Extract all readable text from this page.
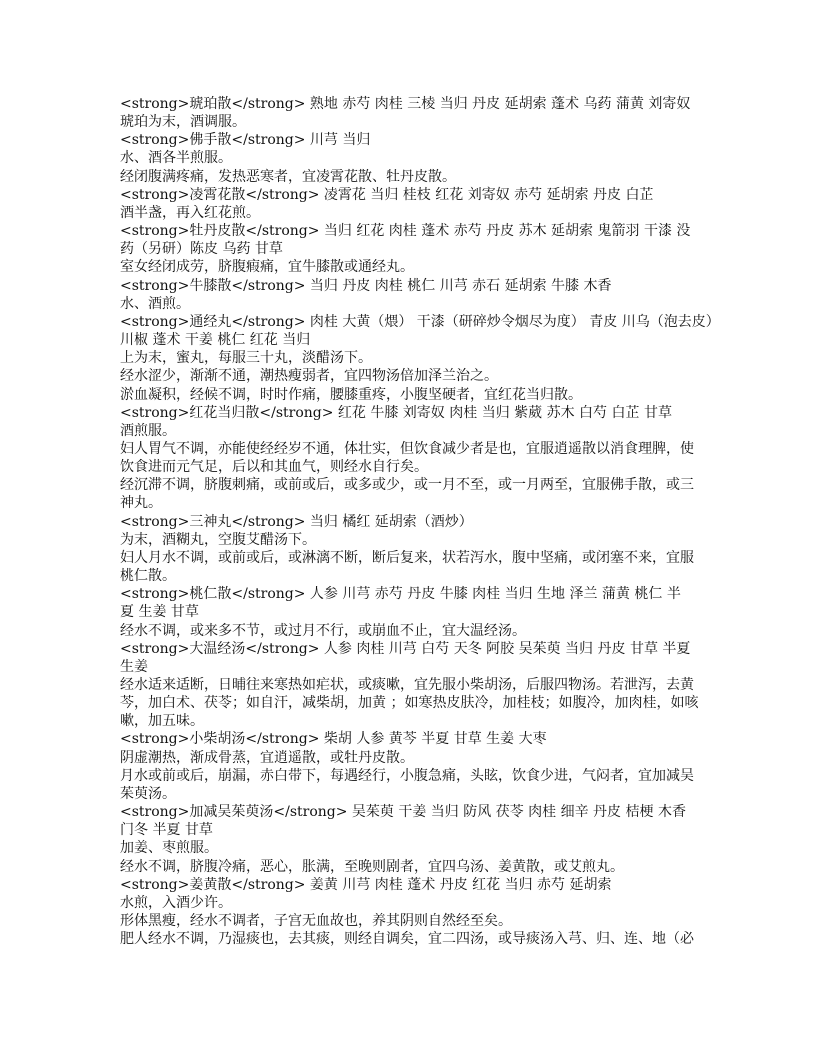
<strong>琥珀散</strong> 熟地 赤芍 肉桂 三棱 当归 丹皮 延胡索 蓬术 乌药 蒲黄 刘寄奴
琥珀为末，酒调服。
<strong>佛手散</strong> 川芎 当归
水、酒各半煎服。
经闭腹满疼痛，发热恶寒者，宜凌霄花散、牡丹皮散。
<strong>凌霄花散</strong> 凌霄花 当归 桂枝 红花 刘寄奴 赤芍 延胡索 丹皮 白芷
酒半盏，再入红花煎。
<strong>牡丹皮散</strong> 当归 红花 肉桂 蓬术 赤芍 丹皮 苏木 延胡索 鬼箭羽 干漆 没
药（另研）陈皮 乌药 甘草
室女经闭成劳，脐腹瘕痛，宜牛膝散或通经丸。
<strong>牛膝散</strong> 当归 丹皮 肉桂 桃仁 川芎 赤石 延胡索 牛膝 木香
水、酒煎。
<strong>通经丸</strong> 肉桂 大黄（煨） 干漆（研碎炒令烟尽为度） 青皮 川乌（泡去皮）
川椒 蓬术 干姜 桃仁 红花 当归
上为末，蜜丸，每服三十丸，淡醋汤下。
经水涩少，渐渐不通，潮热瘦弱者，宜四物汤倍加泽兰治之。
淤血凝积，经候不调，时时作痛，腰膝重疼，小腹坚硬者，宜红花当归散。
<strong>红花当归散</strong> 红花 牛膝 刘寄奴 肉桂 当归 紫葳 苏木 白芍 白芷 甘草
酒煎服。
妇人胃气不调，亦能使经经岁不通，体壮实，但饮食减少者是也，宜服逍遥散以消食理脾，使
饮食进而元气足，后以和其血气，则经水自行矣。
经沉滞不调，脐腹刺痛，或前或后，或多或少，或一月不至，或一月两至，宜服佛手散，或三
神丸。
<strong>三神丸</strong> 当归 橘红 延胡索（酒炒）
为末，酒糊丸，空腹艾醋汤下。
妇人月水不调，或前或后，或淋漓不断，断后复来，状若泻水，腹中坚痛，或闭塞不来，宜服
桃仁散。
<strong>桃仁散</strong> 人参 川芎 赤芍 丹皮 牛膝 肉桂 当归 生地 泽兰 蒲黄 桃仁 半
夏 生姜 甘草
经水不调，或来多不节，或过月不行，或崩血不止，宜大温经汤。
<strong>大温经汤</strong> 人参 肉桂 川芎 白芍 天冬 阿胶 吴茱萸 当归 丹皮 甘草 半夏
生姜
经水适来适断，日晡往来寒热如疟状，或痰嗽，宜先服小柴胡汤，后服四物汤。若泄泻，去黄
芩，加白术、茯苓；如自汗，减柴胡，加黄 ；如寒热皮肤冷，加桂枝；如腹冷，加肉桂，如咳
嗽，加五味。
<strong>小柴胡汤</strong> 柴胡 人参 黄芩 半夏 甘草 生姜 大枣
阴虚潮热，渐成骨蒸，宜逍遥散，或牡丹皮散。
月水或前或后，崩漏，赤白带下，每遇经行，小腹急痛，头眩，饮食少进，气闷者，宜加减吴
茱萸汤。
<strong>加减吴茱萸汤</strong> 吴茱萸 干姜 当归 防风 茯苓 肉桂 细辛 丹皮 桔梗 木香
门冬 半夏 甘草
加姜、枣煎服。
经水不调，脐腹冷痛，恶心，胀满，至晚则剧者，宜四乌汤、姜黄散，或艾煎丸。
<strong>姜黄散</strong> 姜黄 川芎 肉桂 蓬术 丹皮 红花 当归 赤芍 延胡索
水煎，入酒少许。
形体黑瘦，经水不调者，子宫无血故也，养其阴则自然经至矣。
肥人经水不调，乃湿痰也，去其痰，则经自调矣，宜二四汤，或导痰汤入芎、归、连、地（必
